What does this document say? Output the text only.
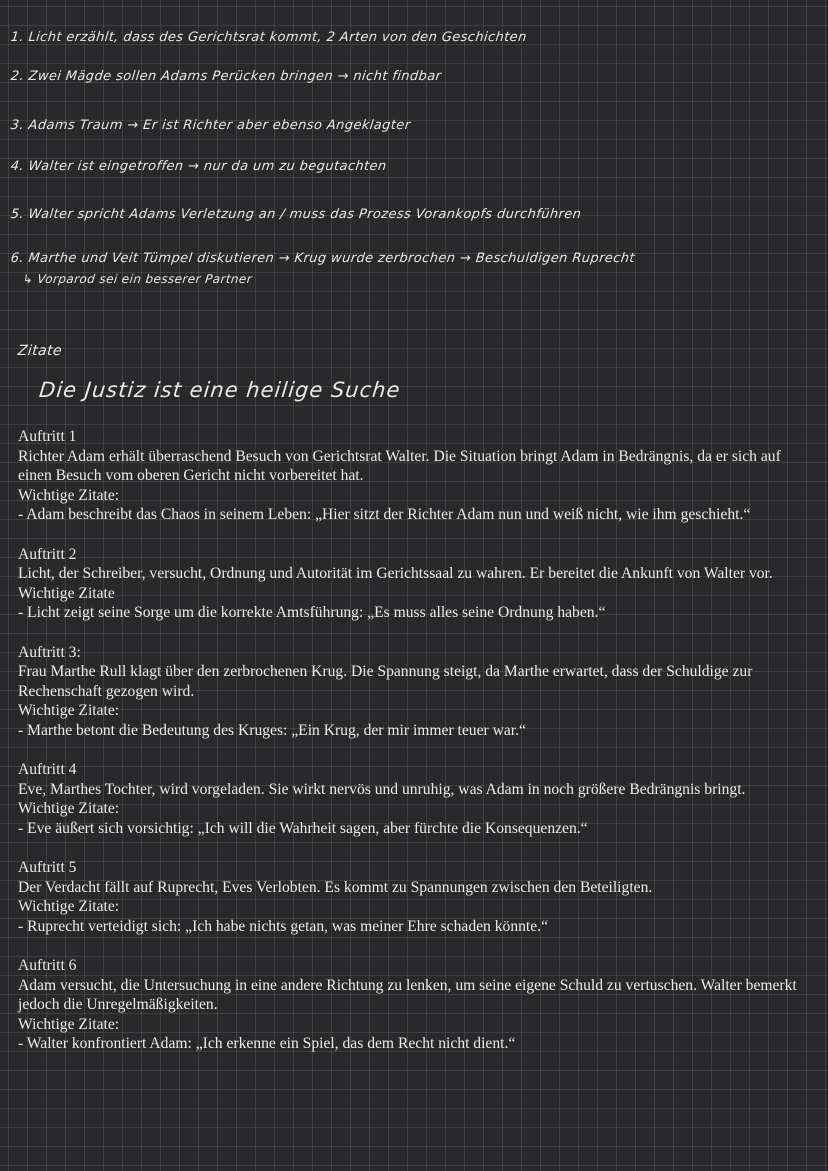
1. Licht erzählt, dass des Gerichtsrat kommt, 2 Arten von den Geschichten
2. Zwei Mägde sollen Adams Perücken bringen → nicht findbar
3. Adams Traum → Er ist Richter aber ebenso Angeklagter
4. Walter ist eingetroffen → nur da um zu begutachten
5. Walter spricht Adams Verletzung an / muss das Prozess Vorankopfs durchführen
6. Marthe und Veit Tümpel diskutieren → Krug wurde zerbrochen → Beschuldigen Ruprecht
↳ Vorparod sei ein besserer Partner
Zitate
Die Justiz ist eine heilige Suche

Auftritt 1

Richter Adam erhält überraschend Besuch von Gerichtsrat Walter. Die Situation bringt Adam in Bedrängnis, da er sich auf einen Besuch vom oberen Gericht nicht vorbereitet hat.

Wichtige Zitate:

- Adam beschreibt das Chaos in seinem Leben: „Hier sitzt der Richter Adam nun und weiß nicht, wie ihm geschieht.“

Auftritt 2

Licht, der Schreiber, versucht, Ordnung und Autorität im Gerichtssaal zu wahren. Er bereitet die Ankunft von Walter vor.

Wichtige Zitate

- Licht zeigt seine Sorge um die korrekte Amtsführung: „Es muss alles seine Ordnung haben.“

Auftritt 3:

Frau Marthe Rull klagt über den zerbrochenen Krug. Die Spannung steigt, da Marthe erwartet, dass der Schuldige zur Rechenschaft gezogen wird.

Wichtige Zitate:

- Marthe betont die Bedeutung des Kruges: „Ein Krug, der mir immer teuer war.“

Auftritt 4

Eve, Marthes Tochter, wird vorgeladen. Sie wirkt nervös und unruhig, was Adam in noch größere Bedrängnis bringt.

Wichtige Zitate:

- Eve äußert sich vorsichtig: „Ich will die Wahrheit sagen, aber fürchte die Konsequenzen.“

Auftritt 5

Der Verdacht fällt auf Ruprecht, Eves Verlobten. Es kommt zu Spannungen zwischen den Beteiligten.

Wichtige Zitate:

- Ruprecht verteidigt sich: „Ich habe nichts getan, was meiner Ehre schaden könnte.“

Auftritt 6

Adam versucht, die Untersuchung in eine andere Richtung zu lenken, um seine eigene Schuld zu vertuschen. Walter bemerkt jedoch die Unregelmäßigkeiten.

Wichtige Zitate:

- Walter konfrontiert Adam: „Ich erkenne ein Spiel, das dem Recht nicht dient.“
